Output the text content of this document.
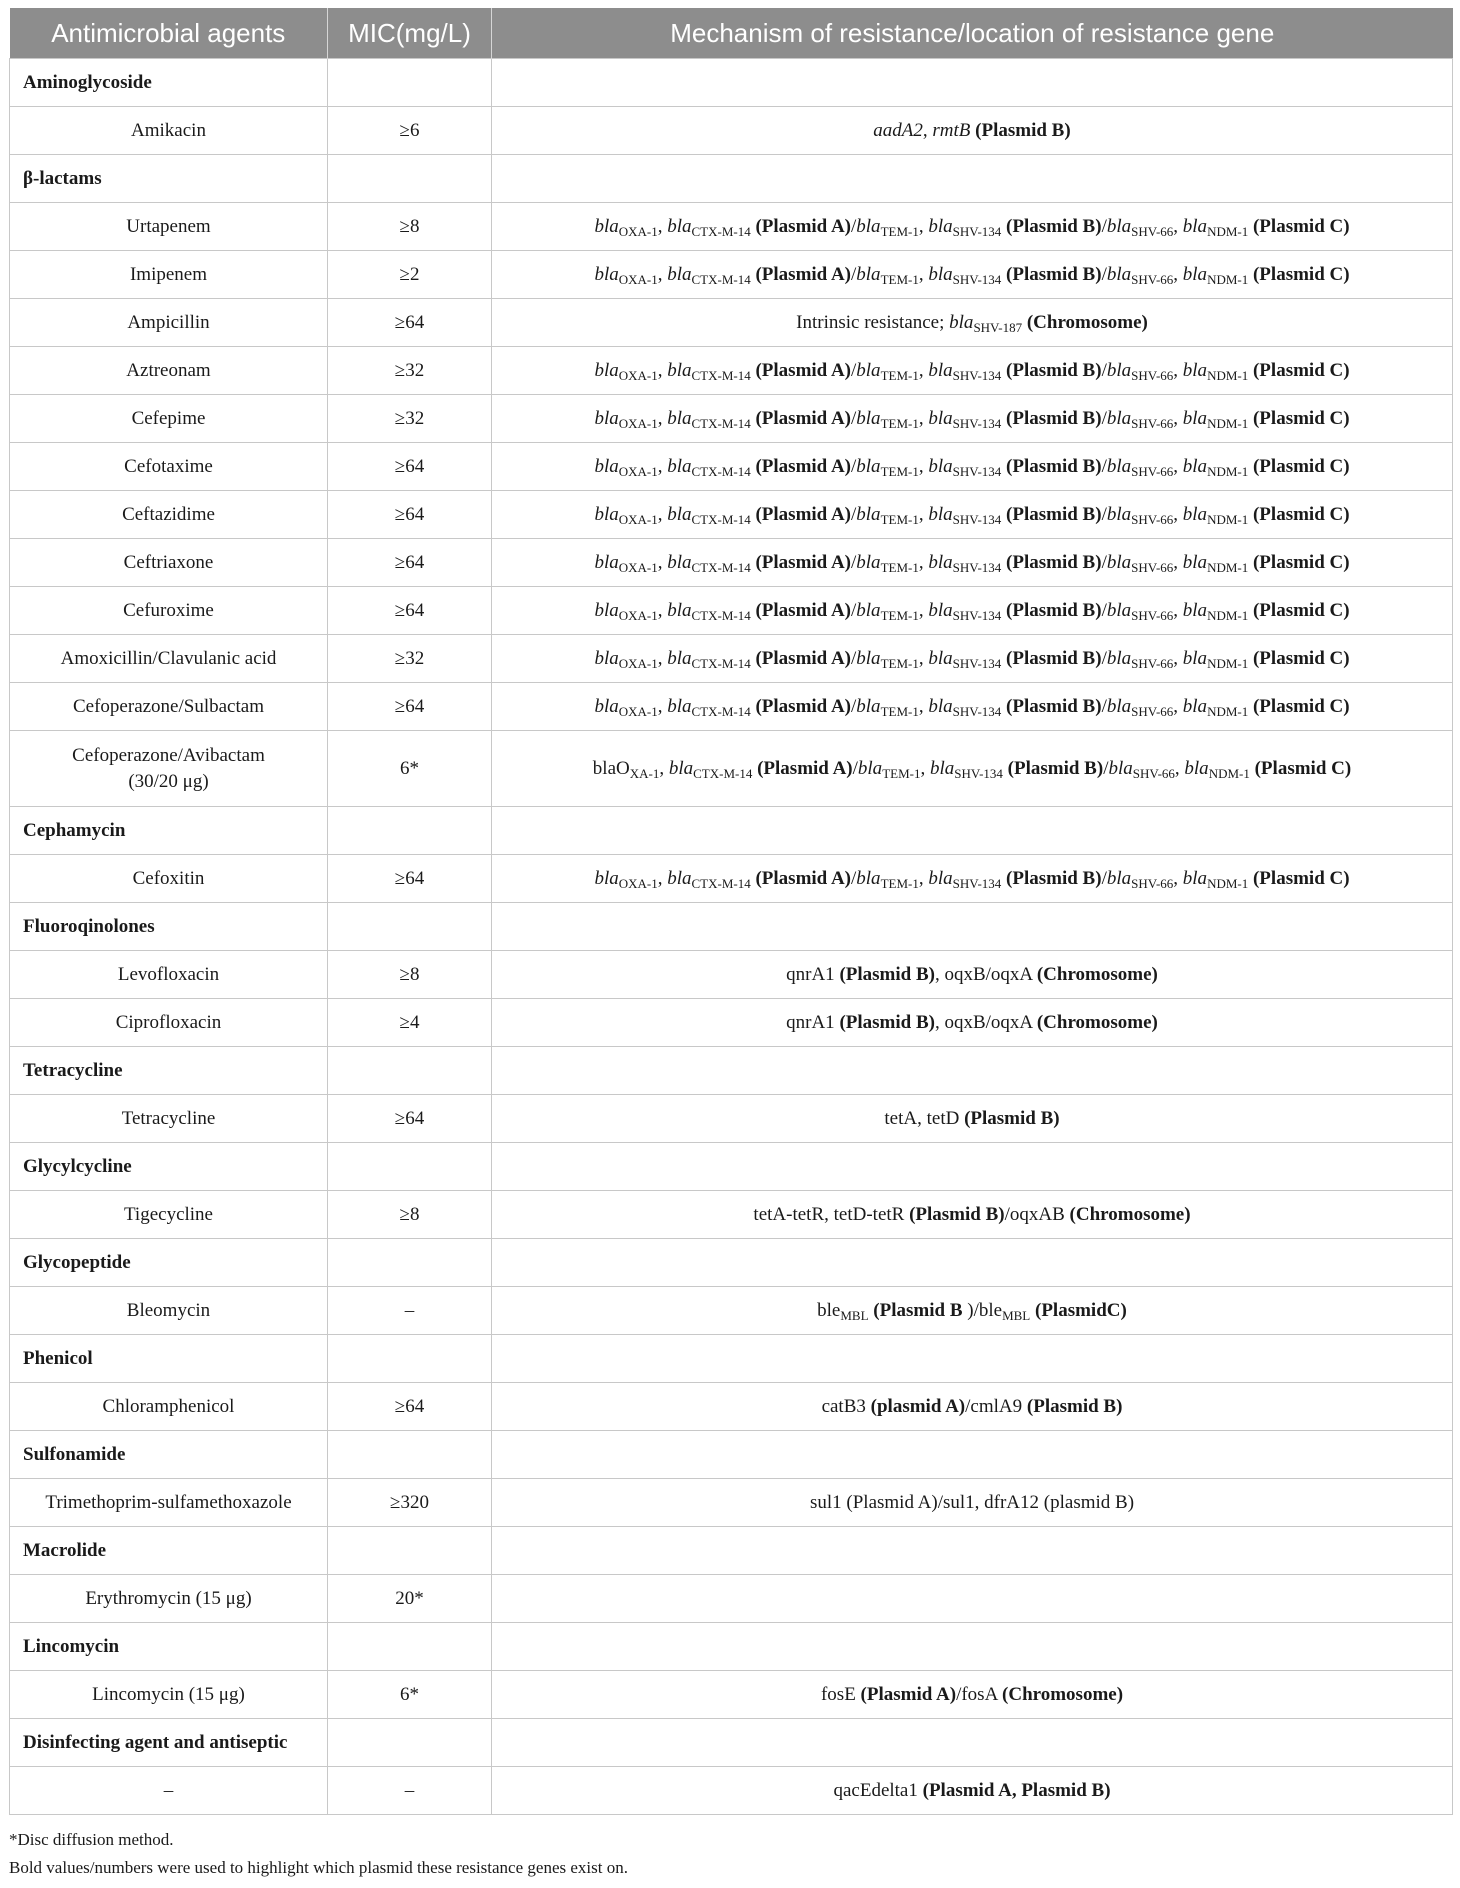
Antimicrobial agents	MIC(mg/L)	Mechanism of resistance/location of resistance gene
Aminoglycoside		
Amikacin	≥6	aadA2, rmtB (Plasmid B)
β-lactams		
Urtapenem	≥8	bla$_{OXA-1}$, bla$_{CTX-M-14}$ (Plasmid A)/bla$_{TEM-1}$, bla$_{SHV-134}$ (Plasmid B)/bla$_{SHV-66}$, bla$_{NDM-1}$ (Plasmid C)
Imipenem	≥2	bla$_{OXA-1}$, bla$_{CTX-M-14}$ (Plasmid A)/bla$_{TEM-1}$, bla$_{SHV-134}$ (Plasmid B)/bla$_{SHV-66}$, bla$_{NDM-1}$ (Plasmid C)
Ampicillin	≥64	Intrinsic resistance; bla$_{SHV-187}$ (Chromosome)
Aztreonam	≥32	bla$_{OXA-1}$, bla$_{CTX-M-14}$ (Plasmid A)/bla$_{TEM-1}$, bla$_{SHV-134}$ (Plasmid B)/bla$_{SHV-66}$, bla$_{NDM-1}$ (Plasmid C)
Cefepime	≥32	bla$_{OXA-1}$, bla$_{CTX-M-14}$ (Plasmid A)/bla$_{TEM-1}$, bla$_{SHV-134}$ (Plasmid B)/bla$_{SHV-66}$, bla$_{NDM-1}$ (Plasmid C)
Cefotaxime	≥64	bla$_{OXA-1}$, bla$_{CTX-M-14}$ (Plasmid A)/bla$_{TEM-1}$, bla$_{SHV-134}$ (Plasmid B)/bla$_{SHV-66}$, bla$_{NDM-1}$ (Plasmid C)
Ceftazidime	≥64	bla$_{OXA-1}$, bla$_{CTX-M-14}$ (Plasmid A)/bla$_{TEM-1}$, bla$_{SHV-134}$ (Plasmid B)/bla$_{SHV-66}$, bla$_{NDM-1}$ (Plasmid C)
Ceftriaxone	≥64	bla$_{OXA-1}$, bla$_{CTX-M-14}$ (Plasmid A)/bla$_{TEM-1}$, bla$_{SHV-134}$ (Plasmid B)/bla$_{SHV-66}$, bla$_{NDM-1}$ (Plasmid C)
Cefuroxime	≥64	bla$_{OXA-1}$, bla$_{CTX-M-14}$ (Plasmid A)/bla$_{TEM-1}$, bla$_{SHV-134}$ (Plasmid B)/bla$_{SHV-66}$, bla$_{NDM-1}$ (Plasmid C)
Amoxicillin/Clavulanic acid	≥32	bla$_{OXA-1}$, bla$_{CTX-M-14}$ (Plasmid A)/bla$_{TEM-1}$, bla$_{SHV-134}$ (Plasmid B)/bla$_{SHV-66}$, bla$_{NDM-1}$ (Plasmid C)
Cefoperazone/Sulbactam	≥64	bla$_{OXA-1}$, bla$_{CTX-M-14}$ (Plasmid A)/bla$_{TEM-1}$, bla$_{SHV-134}$ (Plasmid B)/bla$_{SHV-66}$, bla$_{NDM-1}$ (Plasmid C)
Cefoperazone/Avibactam
(30/20 μg)	6*	blaO$_{XA-1}$, bla$_{CTX-M-14}$ (Plasmid A)/bla$_{TEM-1}$, bla$_{SHV-134}$ (Plasmid B)/bla$_{SHV-66}$, bla$_{NDM-1}$ (Plasmid C)
Cephamycin		
Cefoxitin	≥64	bla$_{OXA-1}$, bla$_{CTX-M-14}$ (Plasmid A)/bla$_{TEM-1}$, bla$_{SHV-134}$ (Plasmid B)/bla$_{SHV-66}$, bla$_{NDM-1}$ (Plasmid C)
Fluoroqinolones		
Levofloxacin	≥8	qnrA1 (Plasmid B), oqxB/oqxA (Chromosome)
Ciprofloxacin	≥4	qnrA1 (Plasmid B), oqxB/oqxA (Chromosome)
Tetracycline		
Tetracycline	≥64	tetA, tetD (Plasmid B)
Glycylcycline		
Tigecycline	≥8	tetA-tetR, tetD-tetR (Plasmid B)/oqxAB (Chromosome)
Glycopeptide		
Bleomycin	–	ble$_{MBL}$ (Plasmid B )/ble$_{MBL}$ (PlasmidC)
Phenicol		
Chloramphenicol	≥64	catB3 (plasmid A)/cmlA9 (Plasmid B)
Sulfonamide		
Trimethoprim-sulfamethoxazole	≥320	sul1 (Plasmid A)/sul1, dfrA12 (plasmid B)
Macrolide		
Erythromycin (15 μg)	20*	
Lincomycin		
Lincomycin (15 μg)	6*	fosE (Plasmid A)/fosA (Chromosome)
Disinfecting agent and antiseptic		
–	–	qacEdelta1 (Plasmid A, Plasmid B)
*Disc diffusion method.
Bold values/numbers were used to highlight which plasmid these resistance genes exist on.
